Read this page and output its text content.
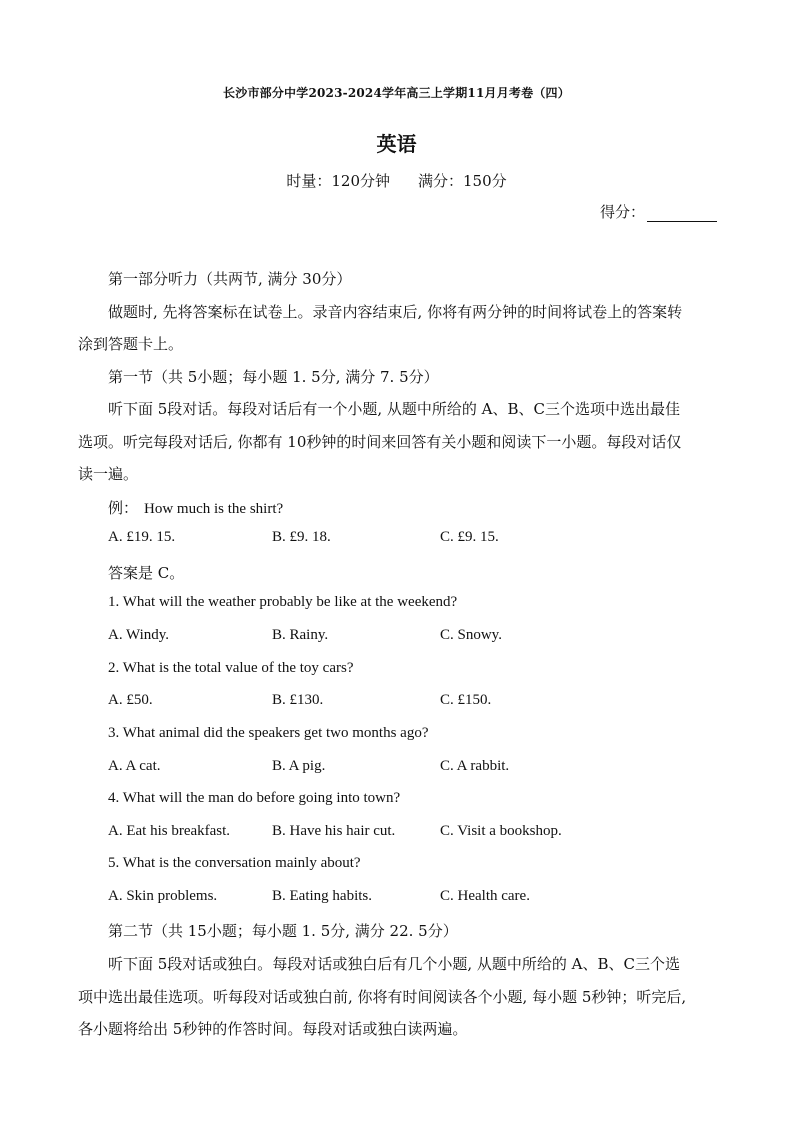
长沙市部分中学2023-2024学年高三上学期11月月考卷（四）
英语
时量：120分钟 满分：150分
得分：
第一部分听力（共两节, 满分 30分）
做题时, 先将答案标在试卷上。录音内容结束后, 你将有两分钟的时间将试卷上的答案转
涂到答题卡上。
第一节（共 5小题；每小题 1. 5分, 满分 7. 5分）
听下面 5段对话。每段对话后有一个小题, 从题中所给的 A、B、C三个选项中选出最佳
选项。听完每段对话后, 你都有 10秒钟的时间来回答有关小题和阅读下一小题。每段对话仅
读一遍。
例： How much is the shirt?
A. £19. 15.	B. £9. 18.	C. £9. 15.
答案是 C。
1. What will the weather probably be like at the weekend?
A. Windy.	B. Rainy.	C. Snowy.
2. What is the total value of the toy cars?
A. £50.	B. £130.	C. £150.
3. What animal did the speakers get two months ago?
A. A cat.	B. A pig.	C. A rabbit.
4. What will the man do before going into town?
A. Eat his breakfast.	B. Have his hair cut.	C. Visit a bookshop.
5. What is the conversation mainly about?
A. Skin problems.	B. Eating habits.	C. Health care.
第二节（共 15小题；每小题 1. 5分, 满分 22. 5分）
听下面 5段对话或独白。每段对话或独白后有几个小题, 从题中所给的 A、B、C三个选
项中选出最佳选项。听每段对话或独白前, 你将有时间阅读各个小题, 每小题 5秒钟；听完后,
各小题将给出 5秒钟的作答时间。每段对话或独白读两遍。
